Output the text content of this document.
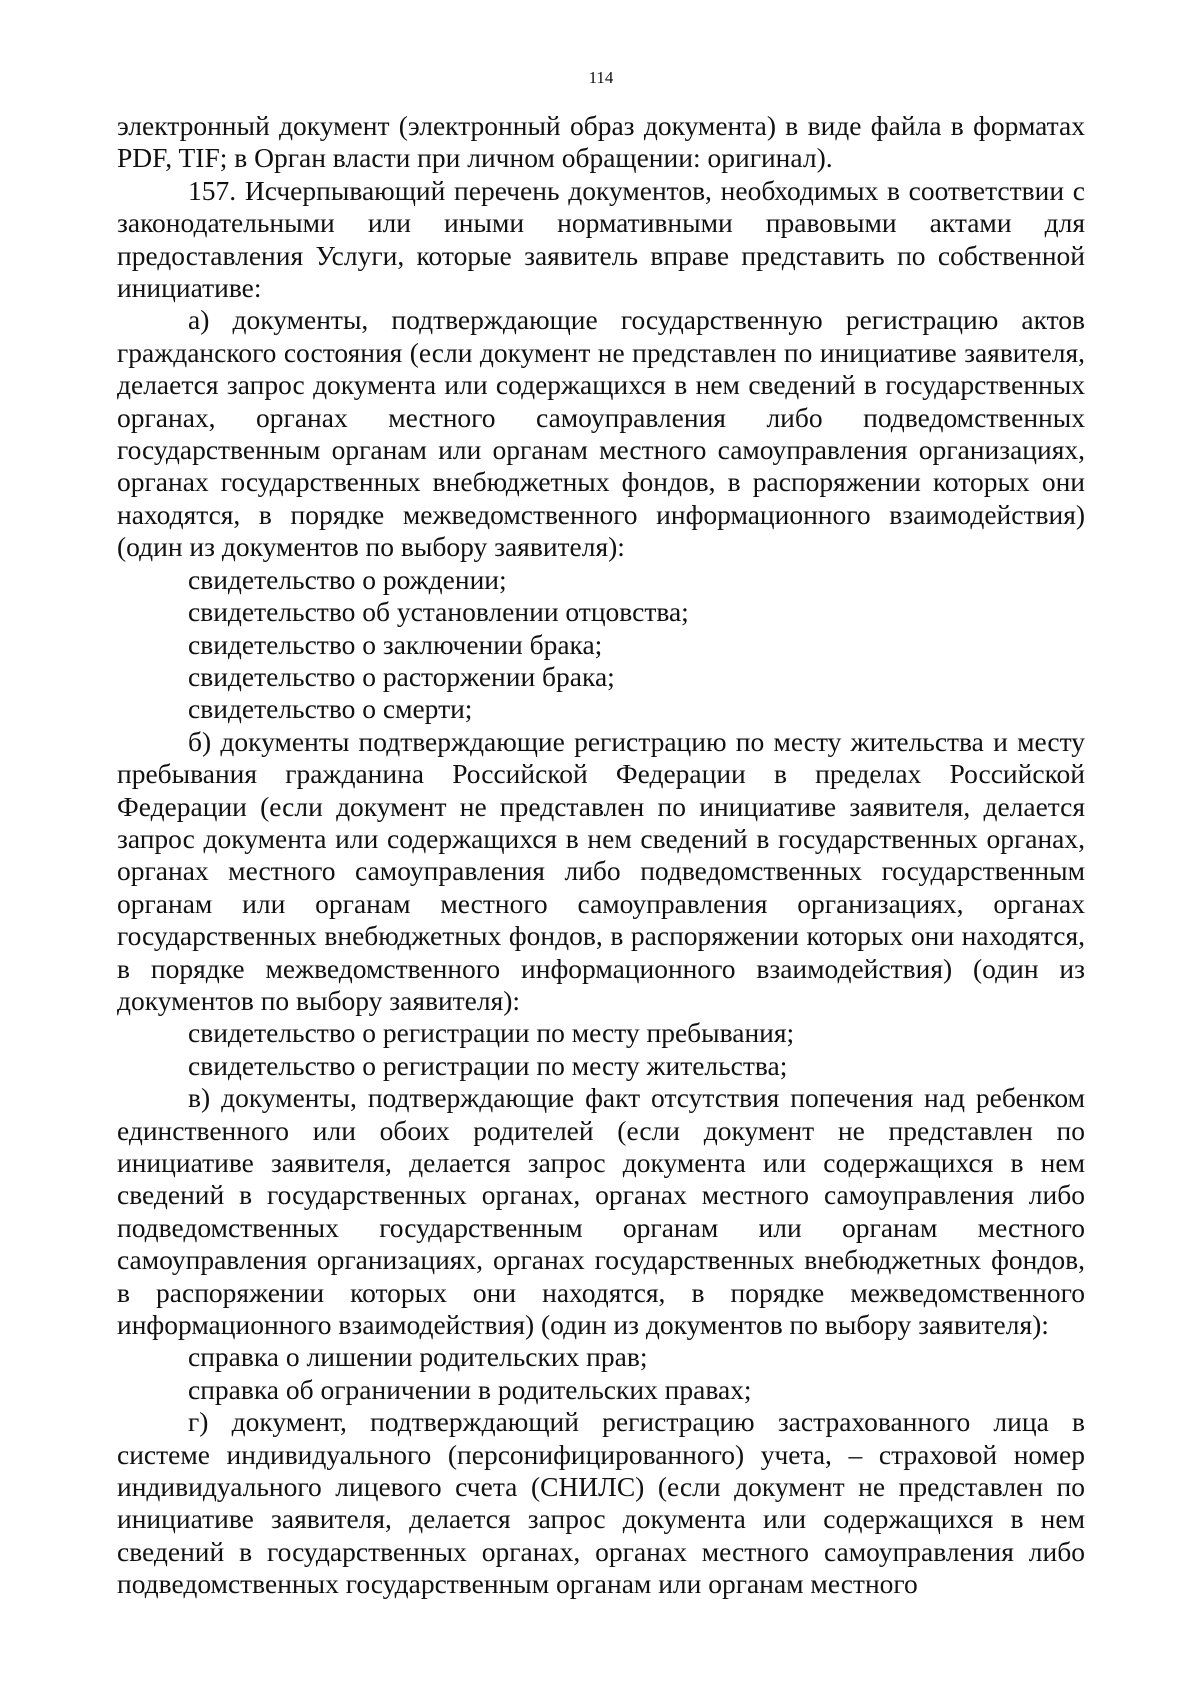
114

электронный документ (электронный образ документа) в виде файла в форматах PDF, TIF; в Орган власти при личном обращении: оригинал).

157. Исчерпывающий перечень документов, необходимых в соответствии с законодательными или иными нормативными правовыми актами для предоставления Услуги, которые заявитель вправе представить по собственной инициативе:

а) документы, подтверждающие государственную регистрацию актов гражданского состояния (если документ не представлен по инициативе заявителя, делается запрос документа или содержащихся в нем сведений в государственных органах, органах местного самоуправления либо подведомственных государственным органам или органам местного самоуправления организациях, органах государственных внебюджетных фондов, в распоряжении которых они находятся, в порядке межведомственного информационного взаимодействия) (один из документов по выбору заявителя):

свидетельство о рождении;

свидетельство об установлении отцовства;

свидетельство о заключении брака;

свидетельство о расторжении брака;

свидетельство о смерти;

б) документы подтверждающие регистрацию по месту жительства и месту пребывания гражданина Российской Федерации в пределах Российской Федерации (если документ не представлен по инициативе заявителя, делается запрос документа или содержащихся в нем сведений в государственных органах, органах местного самоуправления либо подведомственных государственным органам или органам местного самоуправления организациях, органах государственных внебюджетных фондов, в распоряжении которых они находятся, в порядке межведомственного информационного взаимодействия) (один из документов по выбору заявителя):

свидетельство о регистрации по месту пребывания;

свидетельство о регистрации по месту жительства;

в) документы, подтверждающие факт отсутствия попечения над ребенком единственного или обоих родителей (если документ не представлен по инициативе заявителя, делается запрос документа или содержащихся в нем сведений в государственных органах, органах местного самоуправления либо подведомственных государственным органам или органам местного самоуправления организациях, органах государственных внебюджетных фондов, в распоряжении которых они находятся, в порядке межведомственного информационного взаимодействия) (один из документов по выбору заявителя):

справка о лишении родительских прав;

справка об ограничении в родительских правах;

г) документ, подтверждающий регистрацию застрахованного лица в системе индивидуального (персонифицированного) учета, – страховой номер индивидуального лицевого счета (СНИЛС) (если документ не представлен по инициативе заявителя, делается запрос документа или содержащихся в нем сведений в государственных органах, органах местного самоуправления либо подведомственных государственным органам или органам местного
